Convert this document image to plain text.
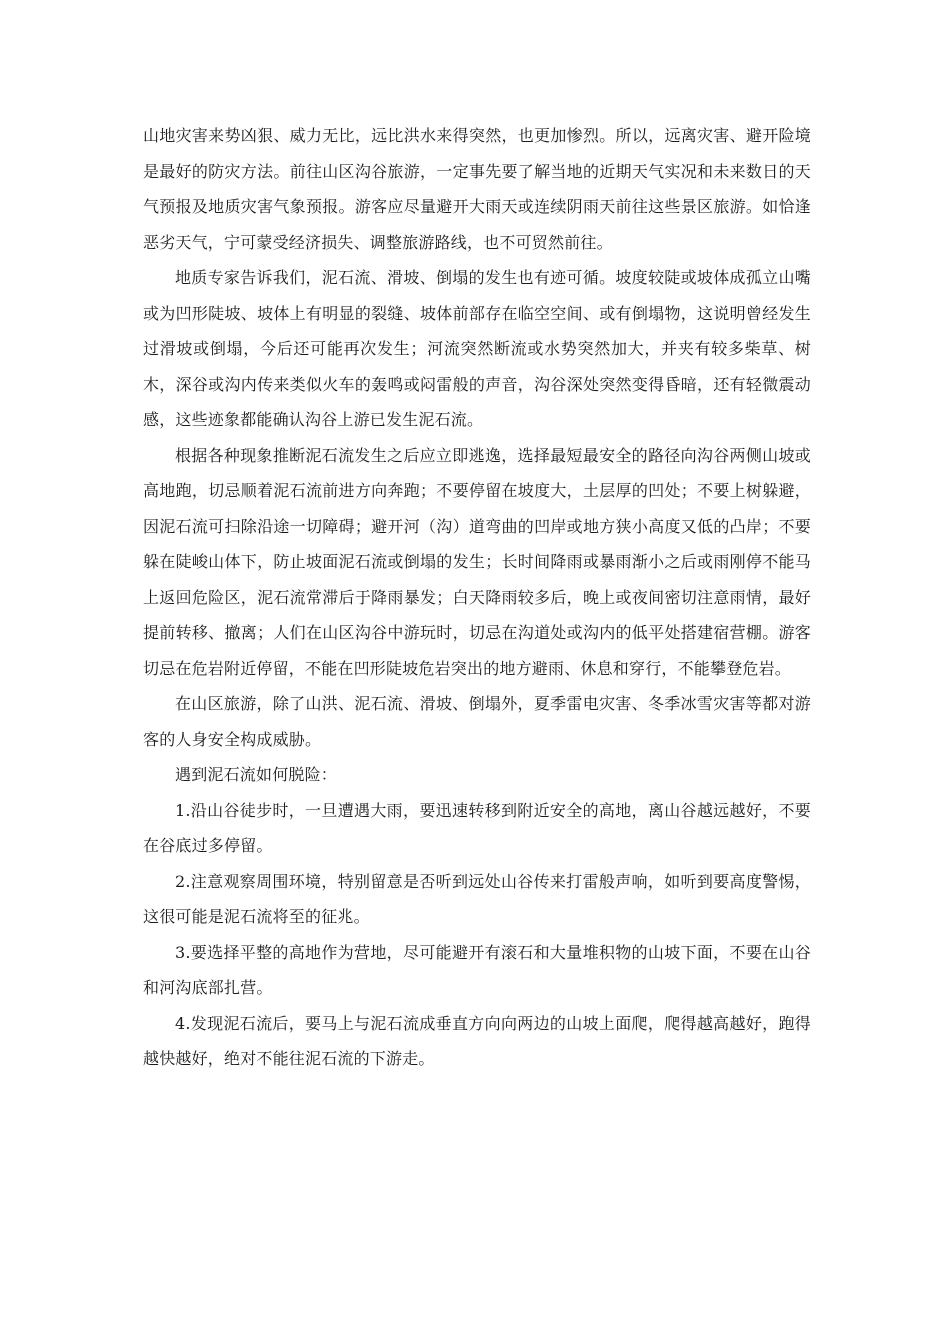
山地灾害来势凶狠、威力无比，远比洪水来得突然，也更加惨烈。所以，远离灾害、避开险境是最好的防灾方法。前往山区沟谷旅游，一定事先要了解当地的近期天气实况和未来数日的天气预报及地质灾害气象预报。游客应尽量避开大雨天或连续阴雨天前往这些景区旅游。如恰逢恶劣天气，宁可蒙受经济损失、调整旅游路线，也不可贸然前往。

地质专家告诉我们，泥石流、滑坡、倒塌的发生也有迹可循。坡度较陡或坡体成孤立山嘴或为凹形陡坡、坡体上有明显的裂缝、坡体前部存在临空空间、或有倒塌物，这说明曾经发生过滑坡或倒塌，今后还可能再次发生；河流突然断流或水势突然加大，并夹有较多柴草、树木，深谷或沟内传来类似火车的轰鸣或闷雷般的声音，沟谷深处突然变得昏暗，还有轻微震动感，这些迹象都能确认沟谷上游已发生泥石流。

根据各种现象推断泥石流发生之后应立即逃逸，选择最短最安全的路径向沟谷两侧山坡或高地跑，切忌顺着泥石流前进方向奔跑；不要停留在坡度大，土层厚的凹处；不要上树躲避，因泥石流可扫除沿途一切障碍；避开河（沟）道弯曲的凹岸或地方狭小高度又低的凸岸；不要躲在陡峻山体下，防止坡面泥石流或倒塌的发生；长时间降雨或暴雨渐小之后或雨刚停不能马上返回危险区，泥石流常滞后于降雨暴发；白天降雨较多后，晚上或夜间密切注意雨情，最好提前转移、撤离；人们在山区沟谷中游玩时，切忌在沟道处或沟内的低平处搭建宿营棚。游客切忌在危岩附近停留，不能在凹形陡坡危岩突出的地方避雨、休息和穿行，不能攀登危岩。

在山区旅游，除了山洪、泥石流、滑坡、倒塌外，夏季雷电灾害、冬季冰雪灾害等都对游客的人身安全构成威胁。

遇到泥石流如何脱险：

1.沿山谷徒步时，一旦遭遇大雨，要迅速转移到附近安全的高地，离山谷越远越好，不要在谷底过多停留。

2.注意观察周围环境，特别留意是否听到远处山谷传来打雷般声响，如听到要高度警惕，这很可能是泥石流将至的征兆。

3.要选择平整的高地作为营地，尽可能避开有滚石和大量堆积物的山坡下面，不要在山谷和河沟底部扎营。

4.发现泥石流后，要马上与泥石流成垂直方向向两边的山坡上面爬，爬得越高越好，跑得越快越好，绝对不能往泥石流的下游走。
